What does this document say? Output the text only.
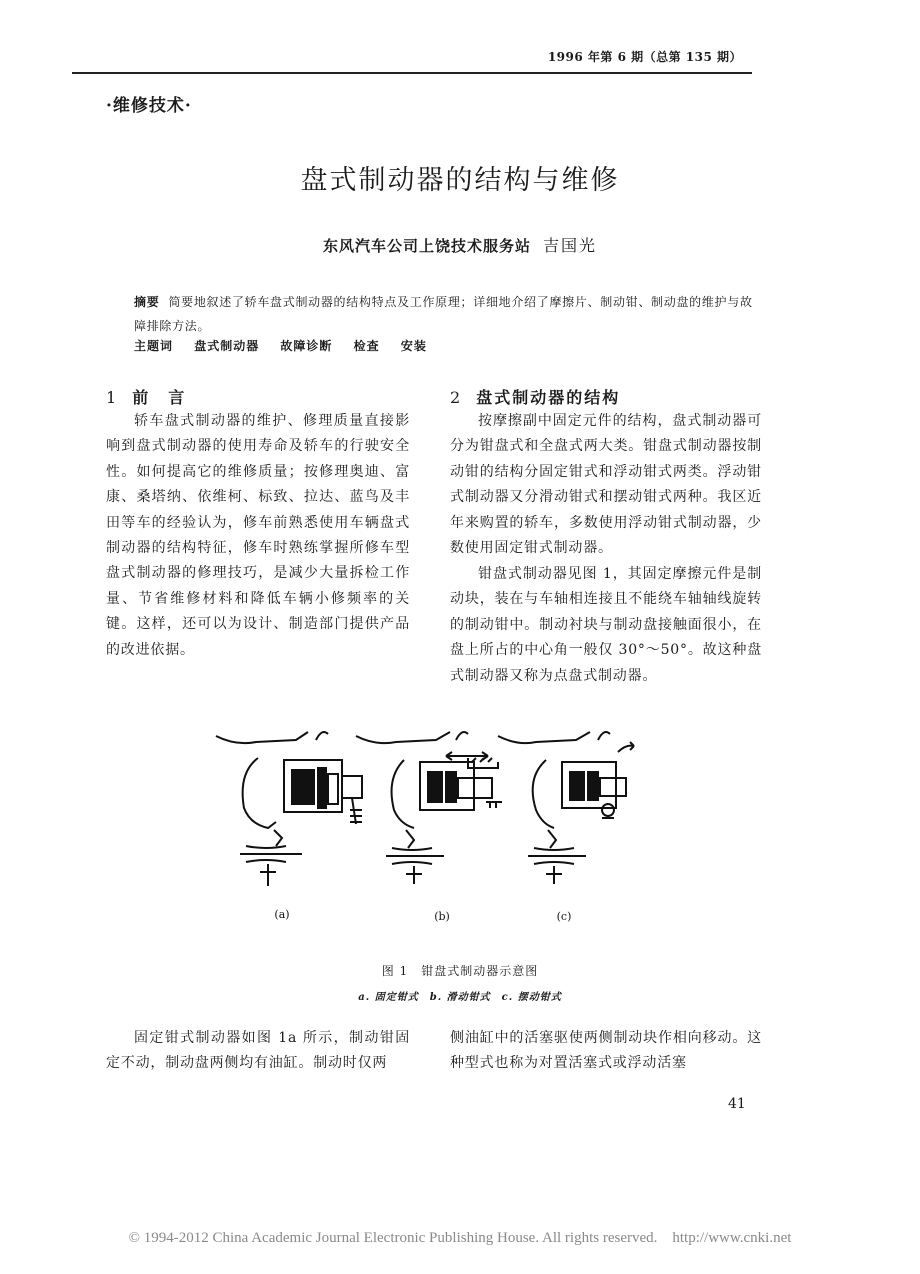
1996 年第 6 期（总第 135 期）
·维修技术·
盘式制动器的结构与维修
东风汽车公司上饶技术服务站 吉国光
摘要 简要地叙述了轿车盘式制动器的结构特点及工作原理；详细地介绍了摩擦片、制动钳、制动盘的维护与故障排除方法。
主题词 盘式制动器 故障诊断 检查 安装
1 前　言

轿车盘式制动器的维护、修理质量直接影响到盘式制动器的使用寿命及轿车的行驶安全性。如何提高它的维修质量；按修理奥迪、富康、桑塔纳、依维柯、标致、拉达、蓝鸟及丰田等车的经验认为，修车前熟悉使用车辆盘式制动器的结构特征，修车时熟练掌握所修车型盘式制动器的修理技巧，是减少大量拆检工作量、节省维修材料和降低车辆小修频率的关键。这样，还可以为设计、制造部门提供产品的改进依据。

2 盘式制动器的结构

按摩擦副中固定元件的结构，盘式制动器可分为钳盘式和全盘式两大类。钳盘式制动器按制动钳的结构分固定钳式和浮动钳式两类。浮动钳式制动器又分滑动钳式和摆动钳式两种。我区近年来购置的轿车，多数使用浮动钳式制动器，少数使用固定钳式制动器。

钳盘式制动器见图 1，其固定摩擦元件是制动块，装在与车轴相连接且不能绕车轴轴线旋转的制动钳中。制动衬块与制动盘接触面很小，在盘上所占的中心角一般仅 30°～50°。故这种盘式制动器又称为点盘式制动器。

(a)	(b)	(c)
图 1　钳盘式制动器示意图
a. 固定钳式　b. 滑动钳式　c. 摆动钳式

固定钳式制动器如图 1a 所示，制动钳固定不动，制动盘两侧均有油缸。制动时仅两

侧油缸中的活塞驱使两侧制动块作相向移动。这种型式也称为对置活塞式或浮动活塞

41
© 1994-2012 China Academic Journal Electronic Publishing House. All rights reserved.　http://www.cnki.net
